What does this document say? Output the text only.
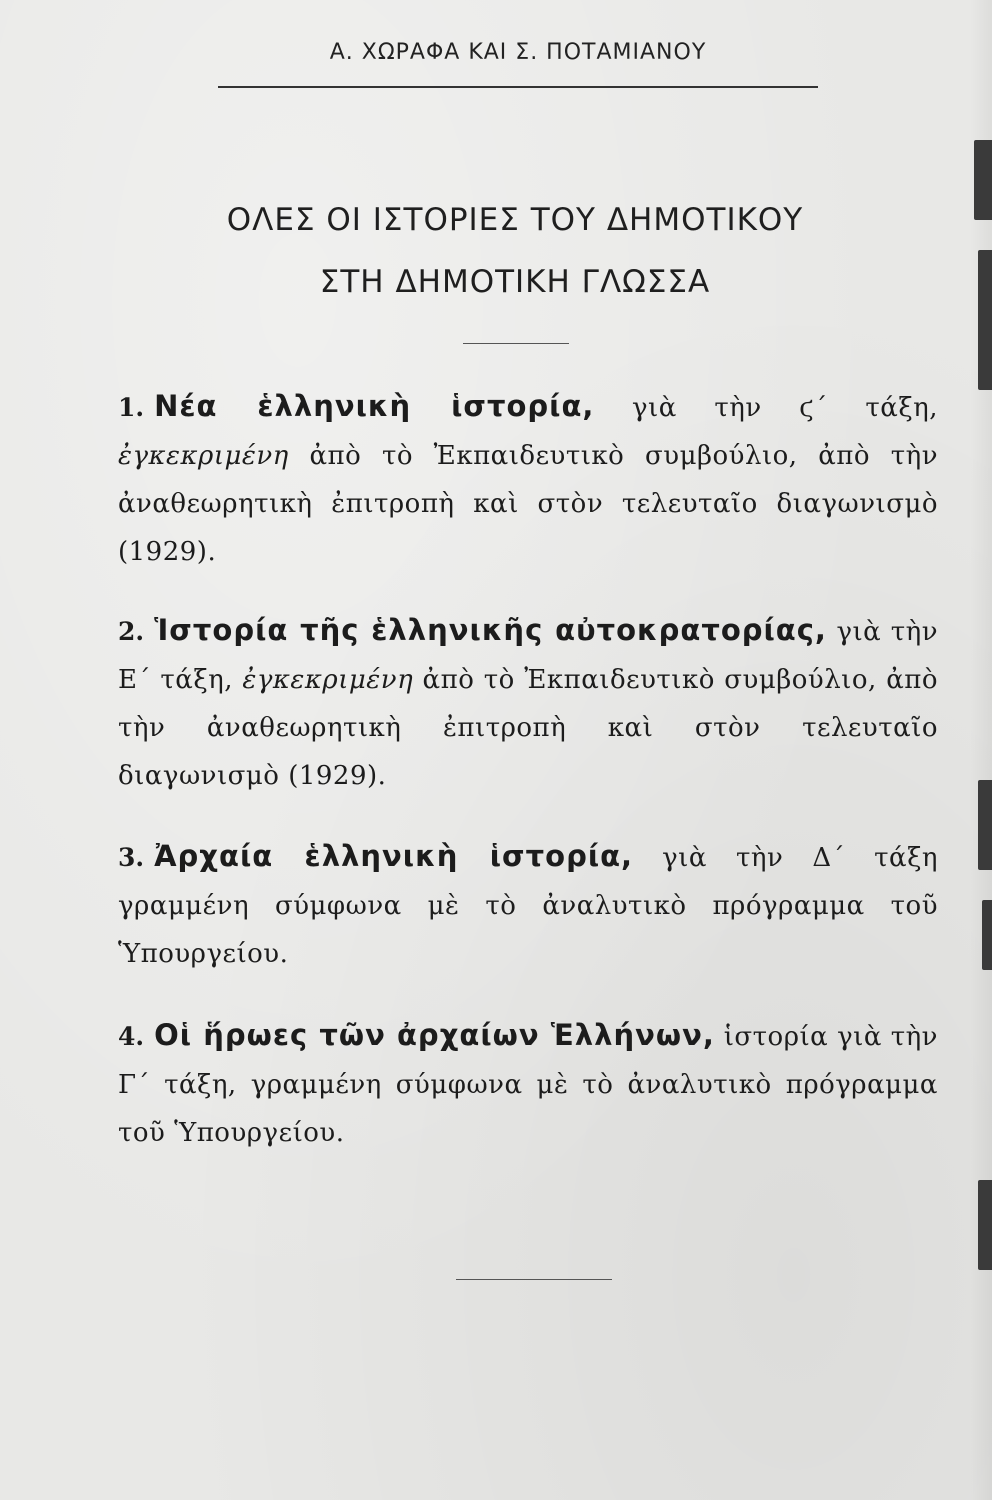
Α. ΧΩΡΑΦΑ ΚΑΙ Σ. ΠΟΤΑΜΙΑΝΟΥ
ΟΛΕΣ ΟΙ ΙΣΤΟΡΙΕΣ ΤΟΥ ΔΗΜΟΤΙΚΟΥ
ΣΤΗ ΔΗΜΟΤΙΚΗ ΓΛΩΣΣΑ

1. Νέα ἑλληνικὴ ἱστορία, γιὰ τὴν ϛ΄ τάξη, ἐγκεκριμένη ἀπὸ τὸ Ἐκπαιδευτικὸ συμβούλιο, ἀπὸ τὴν ἀναθεωρητικὴ ἐπιτροπὴ καὶ στὸν τελευταῖο διαγωνισμὸ (1929).

2. Ἱστορία τῆς ἑλληνικῆς αὐτοκρατορίας, γιὰ τὴν Ε΄ τάξη, ἐγκεκριμένη ἀπὸ τὸ Ἐκπαιδευτικὸ συμβούλιο, ἀπὸ τὴν ἀναθεωρητικὴ ἐπιτροπὴ καὶ στὸν τελευταῖο διαγωνισμὸ (1929).

3. Ἀρχαία ἑλληνικὴ ἱστορία, γιὰ τὴν Δ΄ τάξη γραμμένη σύμφωνα μὲ τὸ ἀναλυτικὸ πρόγραμμα τοῦ Ὑπουργείου.

4. Οἱ ἥρωες τῶν ἀρχαίων Ἑλλήνων, ἱστορία γιὰ τὴν Γ΄ τάξη, γραμμένη σύμφωνα μὲ τὸ ἀναλυτικὸ πρόγραμμα τοῦ Ὑπουργείου.
